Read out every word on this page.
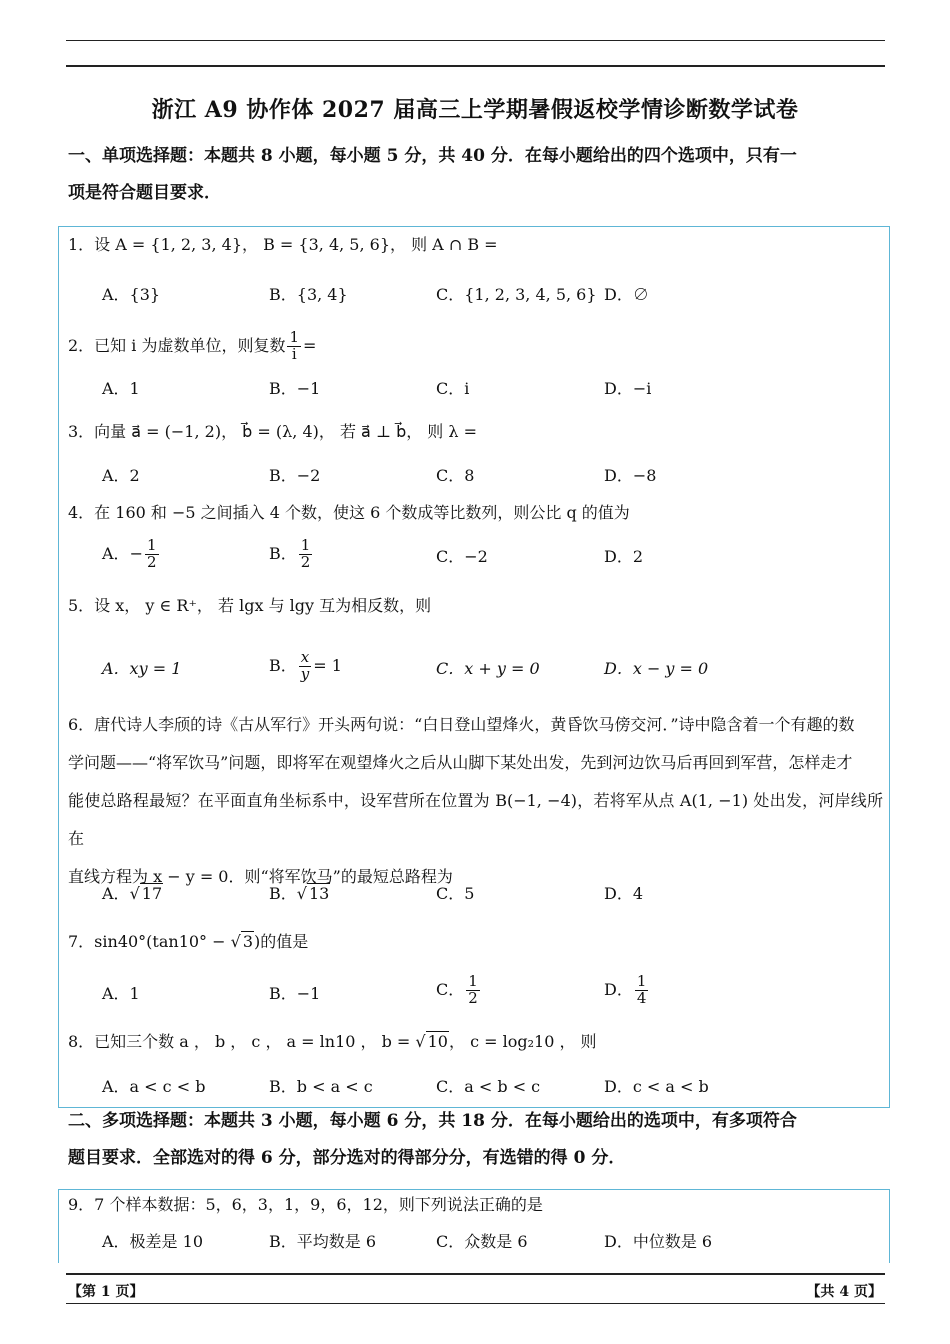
浙江 A9 协作体 2027 届高三上学期暑假返校学情诊断数学试卷
一、单项选择题：本题共 8 小题，每小题 5 分，共 40 分．在每小题给出的四个选项中，只有一
项是符合题目要求．
1．设 A = {1, 2, 3, 4}， B = {3, 4, 5, 6}， 则 A ∩ B =
A．{3}	B．{3, 4}	C．{1, 2, 3, 4, 5, 6} D．∅
2．已知 i 为虚数单位，则复数 $\frac{1}{i}$ =
A．1	B．−1	C．i	D．−i
3．向量 a⃗ = (−1, 2)， b⃗ = (λ, 4)， 若 a⃗ ⊥ b⃗， 则 λ =
A．2	B．−2	C．8	D．−8
4．在 160 和 −5 之间插入 4 个数，使这 6 个数成等比数列，则公比 q 的值为
A．− $\frac{1}{2}$	B． $\frac{1}{2}$	C．−2	D．2
5．设 x， y ∈ R⁺， 若 lgx 与 lgy 互为相反数，则
A．xy = 1	B． $\frac{x}{y} = 1$	C．x + y = 0	D．x − y = 0
6．唐代诗人李颀的诗《古从军行》开头两句说：“白日登山望烽火，黄昏饮马傍交河．”诗中隐含着一个有趣的数
学问题——“将军饮马”问题，即将军在观望烽火之后从山脚下某处出发，先到河边饮马后再回到军营，怎样走才
能使总路程最短？在平面直角坐标系中，设军营所在位置为 B(−1, −4)，若将军从点 A(1, −1) 处出发，河岸线所在
直线方程为 x − y = 0．则“将军饮马”的最短总路程为
A．√ 17	B．√ 13	C．5	D．4
7．sin40°(tan10° − √ 3)的值是
A．1	B．−1	C． $\frac{1}{2}$	D． $\frac{1}{4}$
8．已知三个数 a ， b ， c ， a = ln10 ， b = √ 10， c = log₂10 ， 则
A．a < c < b	B．b < a < c	C．a < b < c	D．c < a < b
二、多项选择题：本题共 3 小题，每小题 6 分，共 18 分．在每小题给出的选项中，有多项符合
题目要求．全部选对的得 6 分，部分选对的得部分分，有选错的得 0 分．
9．7 个样本数据：5，6，3，1，9，6，12，则下列说法正确的是
A．极差是 10	B．平均数是 6	C．众数是 6	D．中位数是 6
【第 1 页】	【共 4 页】
